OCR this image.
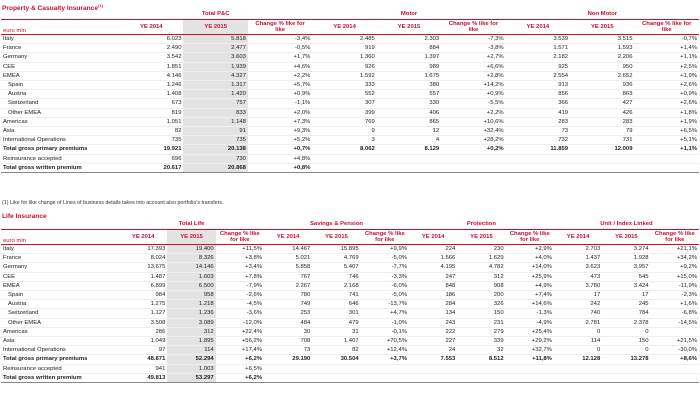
Property & Casualty Insurance$^{(1)}$
	Total P&C			Motor			Non Motor		
euro mln	YE 2014	YE 2015	Change % like for like	YE 2014	YE 2015	Change % like for like	YE 2014	YE 2015	Change % like for like
Italy	6.023	5.818	-3,4%	2.485	2.303	-7,3%	3.539	3.515	-0,7%
France	2.490	2.477	-0,5%	919	884	-3,8%	1.571	1.593	+1,4%
Germany	3.542	3.603	+1,7%	1.360	1.397	+2,7%	2.182	2.206	+1,1%
CEE	1.851	1.939	+4,6%	926	989	+6,6%	925	950	+2,5%
EMEA	4.146	4.327	+2,2%	1.592	1.675	+2,8%	2.554	2.652	+1,9%
Spain	1.246	1.317	+5,7%	333	380	+14,2%	913	936	+2,6%
Austria	1.408	1.420	+0,9%	552	557	+0,9%	856	863	+0,9%
Switzerland	673	757	-1,1%	307	330	-5,5%	366	427	+2,6%
Other EMEA	819	833	+2,0%	399	406	+2,2%	419	426	+1,8%
Americas	1.051	1.148	+7,3%	769	865	+10,6%	283	283	+1,9%
Asia	82	91	+9,3%	9	12	+32,4%	73	79	+6,5%
International Operations	735	735	+5,2%	3	4	+28,2%	732	731	+5,1%
Total gross primary premiums	19.921	20.138	+0,7%	8.062	8.129	+0,2%	11.859	12.009	+1,1%
Reinsurance accepted	696	730	+4,8%						
Total gross written premium	20.617	20.868	+0,8%						
(1) Like for like change of Lines of business details takes into account also portfolio's transfers.
Life Insurance
	Total Life			Savings & Pension			Protection			Unit / Index Linked		
euro mln	YE 2014	YE 2015	Change % like for like	YE 2014	YE 2015	Change % like for like	YE 2014	YE 2015	Change % like for like	YE 2014	YE 2015	Change % like for like
Italy	17.393	19.400	+11,5%	14.467	15.895	+9,9%	224	230	+2,9%	2.703	3.274	+21,1%
France	8.024	8.326	+3,8%	5.021	4.769	-5,0%	1.566	1.629	+4,0%	1.437	1.928	+34,2%
Germany	13.675	14.146	+3,4%	5.858	5.407	-7,7%	4.195	4.782	+14,0%	3.623	3.957	+9,2%
CEE	1.487	1.603	+7,8%	767	746	-3,3%	247	312	+25,9%	473	545	+15,0%
EMEA	6.899	6.500	-7,9%	2.267	2.168	-6,0%	848	908	+4,9%	3.780	3.424	-11,9%
Spain	984	958	-2,6%	780	741	-5,0%	186	200	+7,4%	17	17	-2,3%
Austria	1.275	1.218	-4,5%	749	646	-13,7%	284	326	+14,6%	242	245	+1,6%
Switzerland	1.127	1.236	-3,6%	253	301	+4,7%	134	150	-1,3%	740	784	-6,8%
Other EMEA	3.508	3.089	-12,0%	484	479	-1,0%	243	231	-4,9%	2.781	2.378	-14,5%
Americas	286	312	+22,4%	30	31	-0,1%	222	279	+25,4%	0	0	
Asia	1.049	1.895	+56,2%	708	1.407	+70,5%	227	339	+29,2%	114	150	+21,5%
International Operations	97	114	+17,4%	73	82	+12,4%	24	32	+32,7%	0	0	-30,0%
Total gross primary premiums	48.871	52.294	+6,2%	29.190	30.504	+3,7%	7.553	8.512	+11,8%	12.128	13.278	+8,6%
Reinsurance accepted	941	1.003	+6,5%									
Total gross written premium	49.813	53.297	+6,2%									
